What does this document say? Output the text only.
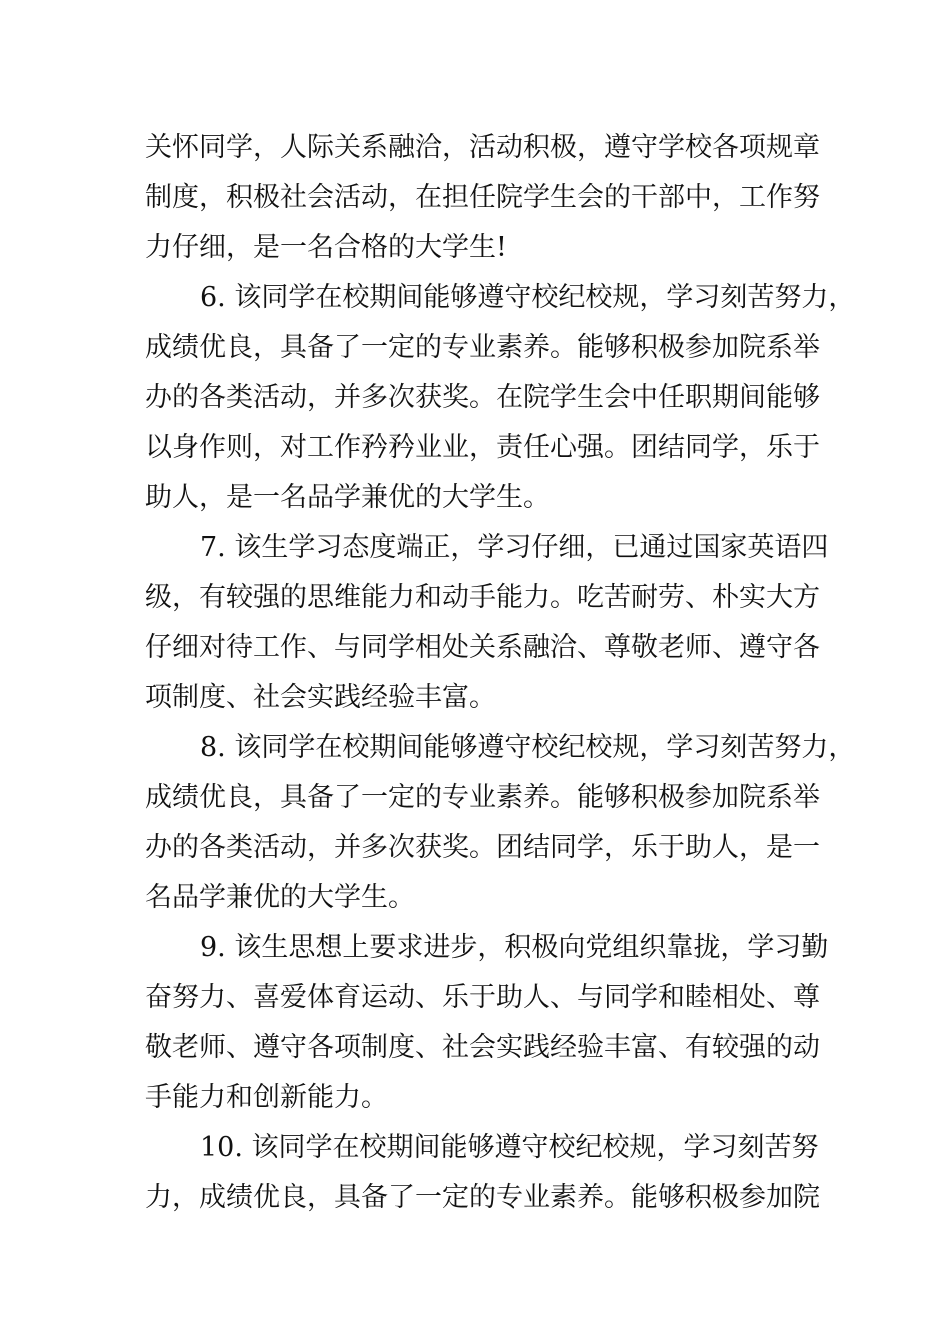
关怀同学，人际关系融洽，活动积极，遵守学校各项规章
制度，积极社会活动，在担任院学生会的干部中，工作努
力仔细，是一名合格的大学生!
6. 该同学在校期间能够遵守校纪校规，学习刻苦努力，
成绩优良，具备了一定的专业素养。能够积极参加院系举
办的各类活动，并多次获奖。在院学生会中任职期间能够
以身作则，对工作矜矜业业，责任心强。团结同学，乐于
助人，是一名品学兼优的大学生。
7. 该生学习态度端正，学习仔细，已通过国家英语四
级，有较强的思维能力和动手能力。吃苦耐劳、朴实大方
仔细对待工作、与同学相处关系融洽、尊敬老师、遵守各
项制度、社会实践经验丰富。
8. 该同学在校期间能够遵守校纪校规，学习刻苦努力，
成绩优良，具备了一定的专业素养。能够积极参加院系举
办的各类活动，并多次获奖。团结同学，乐于助人，是一
名品学兼优的大学生。
9. 该生思想上要求进步，积极向党组织靠拢，学习勤
奋努力、喜爱体育运动、乐于助人、与同学和睦相处、尊
敬老师、遵守各项制度、社会实践经验丰富、有较强的动
手能力和创新能力。
10. 该同学在校期间能够遵守校纪校规，学习刻苦努
力，成绩优良，具备了一定的专业素养。能够积极参加院
